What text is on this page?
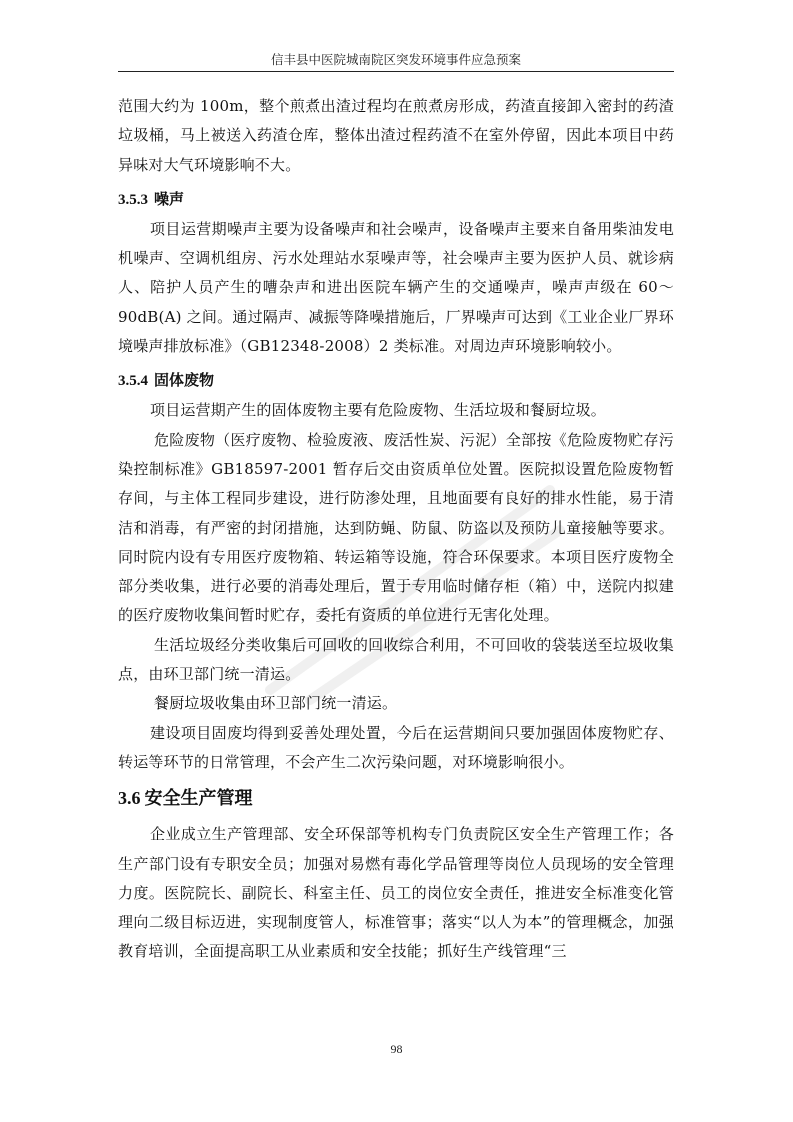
信丰县中医院城南院区突发环境事件应急预案

范围大约为 100m，整个煎煮出渣过程均在煎煮房形成，药渣直接卸入密封的药渣垃圾桶，马上被送入药渣仓库，整体出渣过程药渣不在室外停留，因此本项目中药异味对大气环境影响不大。

3.5.3 噪声

项目运营期噪声主要为设备噪声和社会噪声，设备噪声主要来自备用柴油发电机噪声、空调机组房、污水处理站水泵噪声等，社会噪声主要为医护人员、就诊病人、陪护人员产生的嘈杂声和进出医院车辆产生的交通噪声，噪声声级在 60～90dB(A) 之间。通过隔声、减振等降噪措施后，厂界噪声可达到《工业企业厂界环境噪声排放标准》（GB12348-2008）2 类标准。对周边声环境影响较小。

3.5.4 固体废物

项目运营期产生的固体废物主要有危险废物、生活垃圾和餐厨垃圾。

危险废物（医疗废物、检验废液、废活性炭、污泥）全部按《危险废物贮存污染控制标准》GB18597-2001 暂存后交由资质单位处置。医院拟设置危险废物暂存间，与主体工程同步建设，进行防渗处理，且地面要有良好的排水性能，易于清洁和消毒，有严密的封闭措施，达到防蝇、防鼠、防盗以及预防儿童接触等要求。同时院内设有专用医疗废物箱、转运箱等设施，符合环保要求。本项目医疗废物全部分类收集，进行必要的消毒处理后，置于专用临时储存柜（箱）中，送院内拟建的医疗废物收集间暂时贮存，委托有资质的单位进行无害化处理。

生活垃圾经分类收集后可回收的回收综合利用，不可回收的袋装送至垃圾收集点，由环卫部门统一清运。

餐厨垃圾收集由环卫部门统一清运。

建设项目固废均得到妥善处理处置，今后在运营期间只要加强固体废物贮存、转运等环节的日常管理，不会产生二次污染问题，对环境影响很小。

3.6 安全生产管理

企业成立生产管理部、安全环保部等机构专门负责院区安全生产管理工作；各生产部门设有专职安全员；加强对易燃有毒化学品管理等岗位人员现场的安全管理力度。医院院长、副院长、科室主任、员工的岗位安全责任，推进安全标准变化管理向二级目标迈进，实现制度管人，标准管事；落实“以人为本”的管理概念，加强教育培训，全面提高职工从业素质和安全技能；抓好生产线管理“三

98
